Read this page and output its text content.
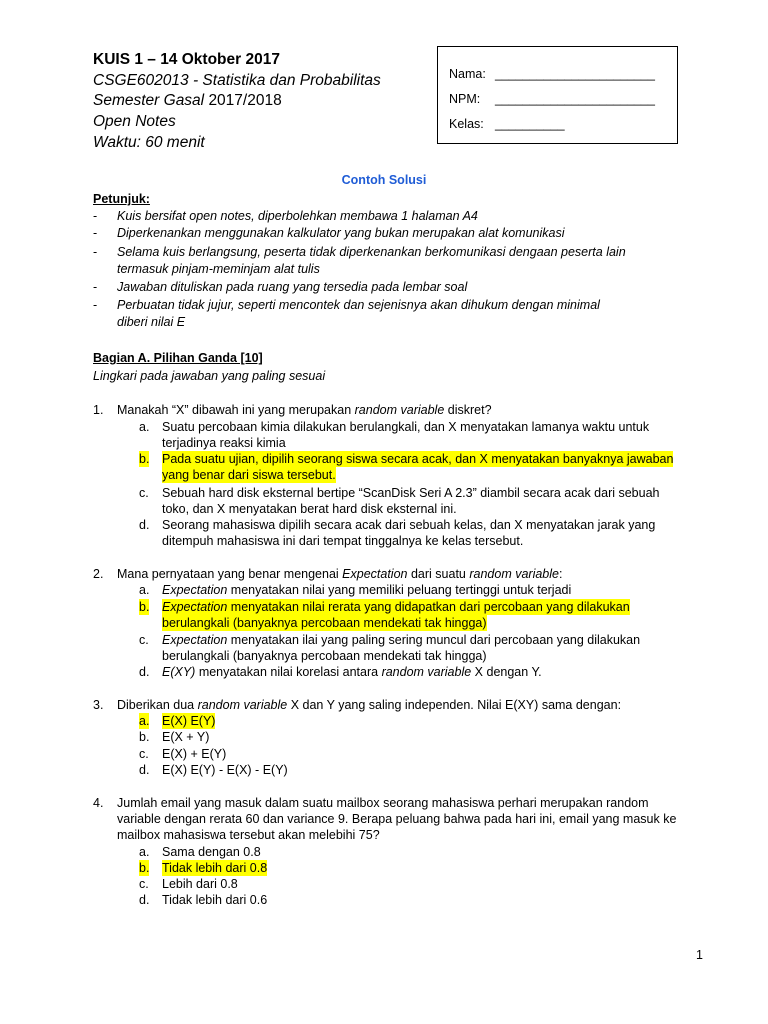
KUIS 1 – 14 Oktober 2017
CSGE602013 - Statistika dan Probabilitas
Semester Gasal 2017/2018
Open Notes
Waktu: 60 menit
Nama: _______________________
NPM: _______________________
Kelas: __________
Contoh Solusi
Petunjuk:
- Kuis bersifat open notes, diperbolehkan membawa 1 halaman A4
- Diperkenankan menggunakan kalkulator yang bukan merupakan alat komunikasi
- Selama kuis berlangsung, peserta tidak diperkenankan berkomunikasi dengaan peserta lain
termasuk pinjam-meminjam alat tulis
- Jawaban dituliskan pada ruang yang tersedia pada lembar soal
- Perbuatan tidak jujur, seperti mencontek dan sejenisnya akan dihukum dengan minimal
diberi nilai E
Bagian A. Pilihan Ganda [10]
Lingkari pada jawaban yang paling sesuai
1. Manakah “X” dibawah ini yang merupakan random variable diskret?
a. Suatu percobaan kimia dilakukan berulangkali, dan X menyatakan lamanya waktu untuk
terjadinya reaksi kimia
b. Pada suatu ujian, dipilih seorang siswa secara acak, dan X menyatakan banyaknya jawaban
yang benar dari siswa tersebut.
c. Sebuah hard disk eksternal bertipe “ScanDisk Seri A 2.3” diambil secara acak dari sebuah
toko, dan X menyatakan berat hard disk eksternal ini.
d. Seorang mahasiswa dipilih secara acak dari sebuah kelas, dan X menyatakan jarak yang
ditempuh mahasiswa ini dari tempat tinggalnya ke kelas tersebut.
2. Mana pernyataan yang benar mengenai Expectation dari suatu random variable:
a. Expectation menyatakan nilai yang memiliki peluang tertinggi untuk terjadi
b. Expectation menyatakan nilai rerata yang didapatkan dari percobaan yang dilakukan
berulangkali (banyaknya percobaan mendekati tak hingga)
c. Expectation menyatakan ilai yang paling sering muncul dari percobaan yang dilakukan
berulangkali (banyaknya percobaan mendekati tak hingga)
d. E(XY) menyatakan nilai korelasi antara random variable X dengan Y.
3. Diberikan dua random variable X dan Y yang saling independen. Nilai E(XY) sama dengan:
a. E(X) E(Y)
b. E(X + Y)
c. E(X) + E(Y)
d. E(X) E(Y) - E(X) - E(Y)
4. Jumlah email yang masuk dalam suatu mailbox seorang mahasiswa perhari merupakan random
variable dengan rerata 60 dan variance 9. Berapa peluang bahwa pada hari ini, email yang masuk ke
mailbox mahasiswa tersebut akan melebihi 75?
a. Sama dengan 0.8
b. Tidak lebih dari 0.8
c. Lebih dari 0.8
d. Tidak lebih dari 0.6
1
